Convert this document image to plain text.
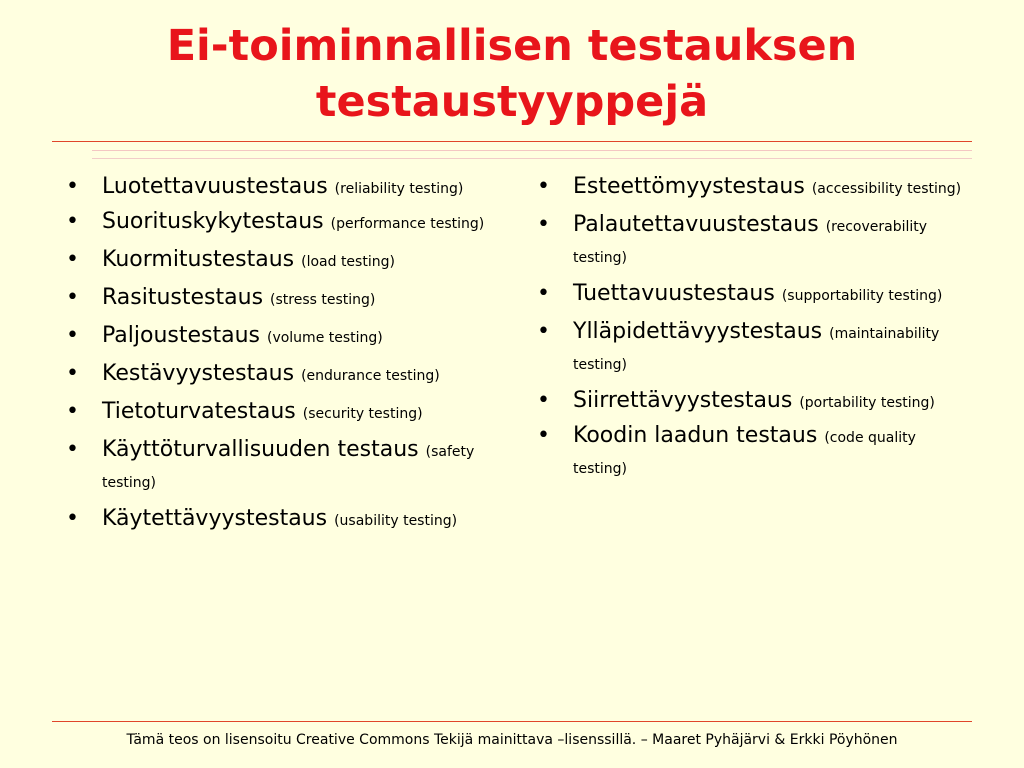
Ei-toiminnallisen testauksen
testaustyyppejä
• Luotettavuustestaus (reliability testing)
• Suorituskykytestaus (performance testing)
• Kuormitustestaus (load testing)
• Rasitustestaus (stress testing)
• Paljoustestaus (volume testing)
• Kestävyystestaus (endurance testing)
• Tietoturvatestaus (security testing)
• Käyttöturvallisuuden testaus (safety testing)
• Käytettävyystestaus (usability testing)
• Esteettömyystestaus (accessibility testing)
• Palautettavuustestaus (recoverability testing)
• Tuettavuustestaus (supportability testing)
• Ylläpidettävyystestaus (maintainability testing)
• Siirrettävyystestaus (portability testing)
• Koodin laadun testaus (code quality testing)
Tämä teos on lisensoitu Creative Commons Tekijä mainittava –lisenssillä. – Maaret Pyhäjärvi & Erkki Pöyhönen
